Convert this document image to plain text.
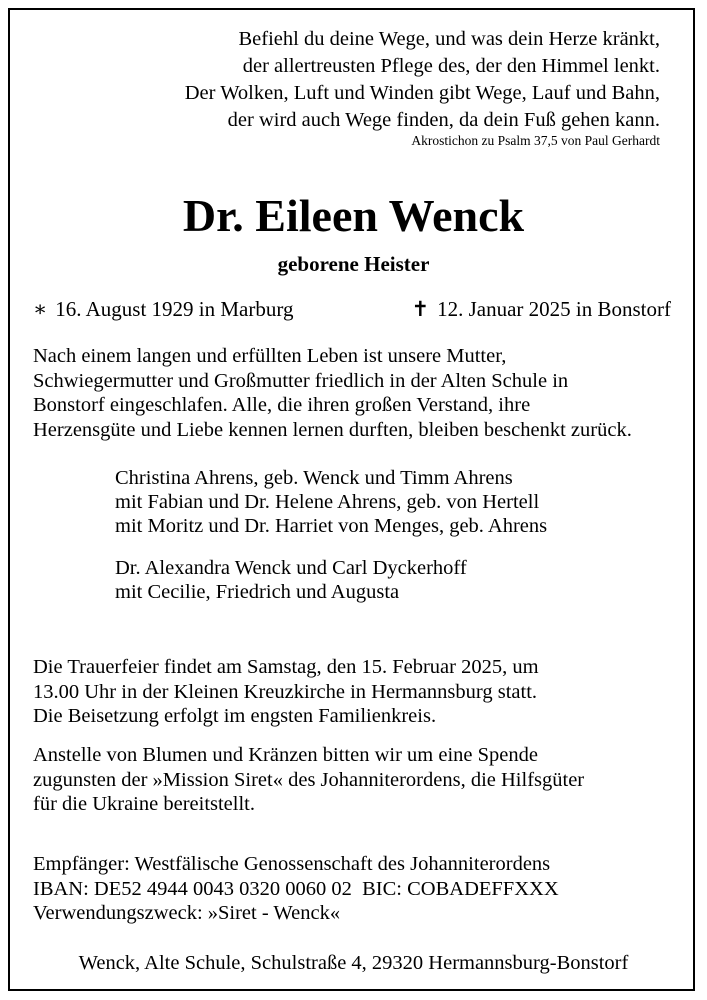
Befiehl du deine Wege, und was dein Herze kränkt,
der allertreusten Pflege des, der den Himmel lenkt.
Der Wolken, Luft und Winden gibt Wege, Lauf und Bahn,
der wird auch Wege finden, da dein Fuß gehen kann.
Akrostichon zu Psalm 37,5 von Paul Gerhardt
Dr. Eileen Wenck
geborene Heister
∗ 16. August 1929 in Marburg	✝ 12. Januar 2025 in Bonstorf
Nach einem langen und erfüllten Leben ist unsere Mutter,
Schwiegermutter und Großmutter friedlich in der Alten Schule in
Bonstorf eingeschlafen. Alle, die ihren großen Verstand, ihre
Herzensgüte und Liebe kennen lernen durften, bleiben beschenkt zurück.
Christina Ahrens, geb. Wenck und Timm Ahrens
mit Fabian und Dr. Helene Ahrens, geb. von Hertell
mit Moritz und Dr. Harriet von Menges, geb. Ahrens
Dr. Alexandra Wenck und Carl Dyckerhoff
mit Cecilie, Friedrich und Augusta
Die Trauerfeier findet am Samstag, den 15. Februar 2025, um
13.00 Uhr in der Kleinen Kreuzkirche in Hermannsburg statt.
Die Beisetzung erfolgt im engsten Familienkreis.
Anstelle von Blumen und Kränzen bitten wir um eine Spende
zugunsten der »Mission Siret« des Johanniterordens, die Hilfsgüter
für die Ukraine bereitstellt.
Empfänger: Westfälische Genossenschaft des Johanniterordens
IBAN: DE52 4944 0043 0320 0060 02  BIC: COBADEFFXXX
Verwendungszweck: »Siret - Wenck«
Wenck, Alte Schule, Schulstraße 4, 29320 Hermannsburg-Bonstorf
